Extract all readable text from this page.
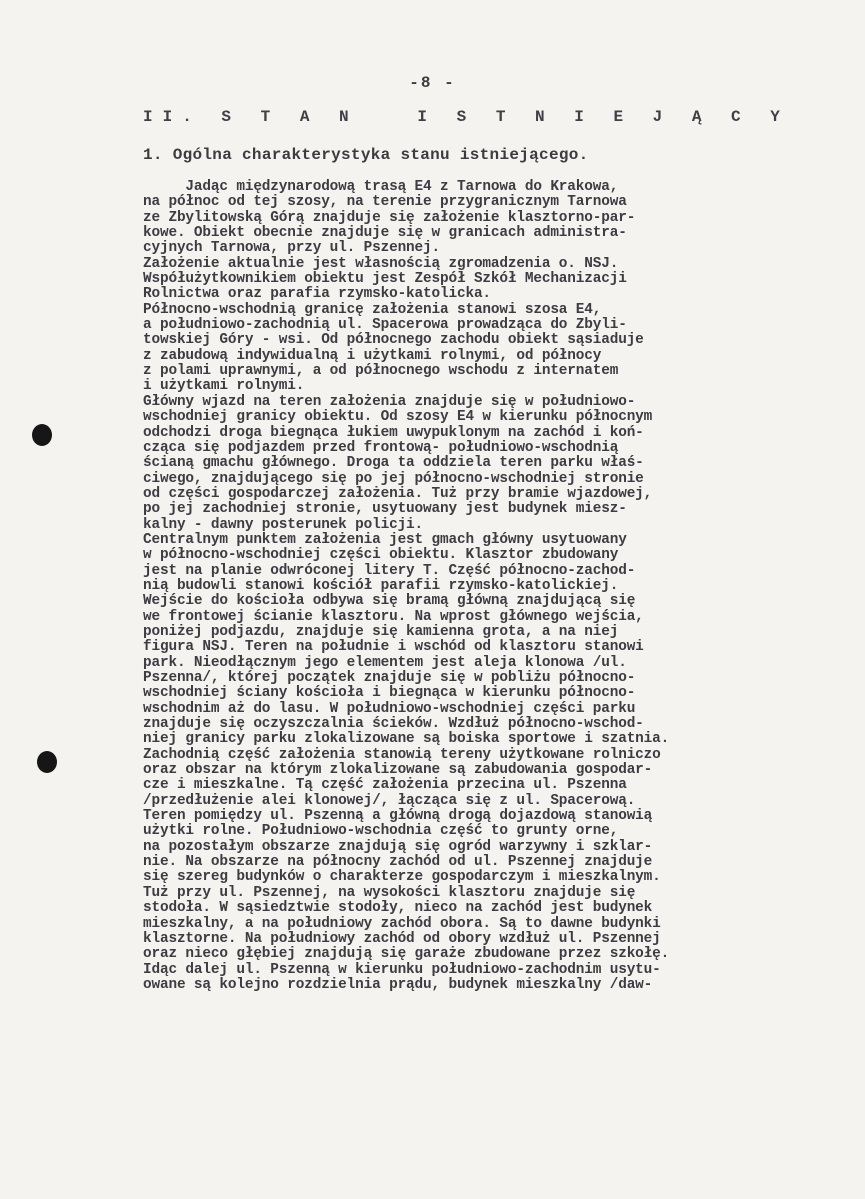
-8 -
II. S T A N   I S T N I E J Ą C Y
1. Ogólna charakterystyka stanu istniejącego.
Jadąc międzynarodową trasą E4 z Tarnowa do Krakowa,
na północ od tej szosy, na terenie przygranicznym Tarnowa
ze Zbylitowską Górą znajduje się założenie klasztorno-par-
kowe. Obiekt obecnie znajduje się w granicach administra-
cyjnych Tarnowa, przy ul. Pszennej.
Założenie aktualnie jest własnością zgromadzenia o. NSJ.
Współużytkownikiem obiektu jest Zespół Szkół Mechanizacji
Rolnictwa oraz parafia rzymsko-katolicka.
Północno-wschodnią granicę założenia stanowi szosa E4,
a południowo-zachodnią ul. Spacerowa prowadząca do Zbyli-
towskiej Góry - wsi. Od północnego zachodu obiekt sąsiaduje
z zabudową indywidualną i użytkami rolnymi, od północy
z polami uprawnymi, a od północnego wschodu z internatem
i użytkami rolnymi.
Główny wjazd na teren założenia znajduje się w południowo-
wschodniej granicy obiektu. Od szosy E4 w kierunku północnym
odchodzi droga biegnąca łukiem uwypuklonym na zachód i koń-
cząca się podjazdem przed frontową- południowo-wschodnią
ścianą gmachu głównego. Droga ta oddziela teren parku właś-
ciwego, znajdującego się po jej północno-wschodniej stronie
od części gospodarczej założenia. Tuż przy bramie wjazdowej,
po jej zachodniej stronie, usytuowany jest budynek miesz-
kalny - dawny posterunek policji.
Centralnym punktem założenia jest gmach główny usytuowany
w północno-wschodniej części obiektu. Klasztor zbudowany
jest na planie odwróconej litery T. Część północno-zachod-
nią budowli stanowi kościół parafii rzymsko-katolickiej.
Wejście do kościoła odbywa się bramą główną znajdującą się
we frontowej ścianie klasztoru. Na wprost głównego wejścia,
poniżej podjazdu, znajduje się kamienna grota, a na niej
figura NSJ. Teren na południe i wschód od klasztoru stanowi
park. Nieodłącznym jego elementem jest aleja klonowa /ul.
Pszenna/, której początek znajduje się w pobliżu północno-
wschodniej ściany kościoła i biegnąca w kierunku północno-
wschodnim aż do lasu. W południowo-wschodniej części parku
znajduje się oczyszczalnia ścieków. Wzdłuż północno-wschod-
niej granicy parku zlokalizowane są boiska sportowe i szatnia.
Zachodnią część założenia stanowią tereny użytkowane rolniczo
oraz obszar na którym zlokalizowane są zabudowania gospodar-
cze i mieszkalne. Tą część założenia przecina ul. Pszenna
/przedłużenie alei klonowej/, łącząca się z ul. Spacerową.
Teren pomiędzy ul. Pszenną a główną drogą dojazdową stanowią
użytki rolne. Południowo-wschodnia część to grunty orne,
na pozostałym obszarze znajdują się ogród warzywny i szklar-
nie. Na obszarze na północny zachód od ul. Pszennej znajduje
się szereg budynków o charakterze gospodarczym i mieszkalnym.
Tuż przy ul. Pszennej, na wysokości klasztoru znajduje się
stodoła. W sąsiedztwie stodoły, nieco na zachód jest budynek
mieszkalny, a na południowy zachód obora. Są to dawne budynki
klasztorne. Na południowy zachód od obory wzdłuż ul. Pszennej
oraz nieco głębiej znajdują się garaże zbudowane przez szkołę.
Idąc dalej ul. Pszenną w kierunku południowo-zachodnim usytu-
owane są kolejno rozdzielnia prądu, budynek mieszkalny /daw-
